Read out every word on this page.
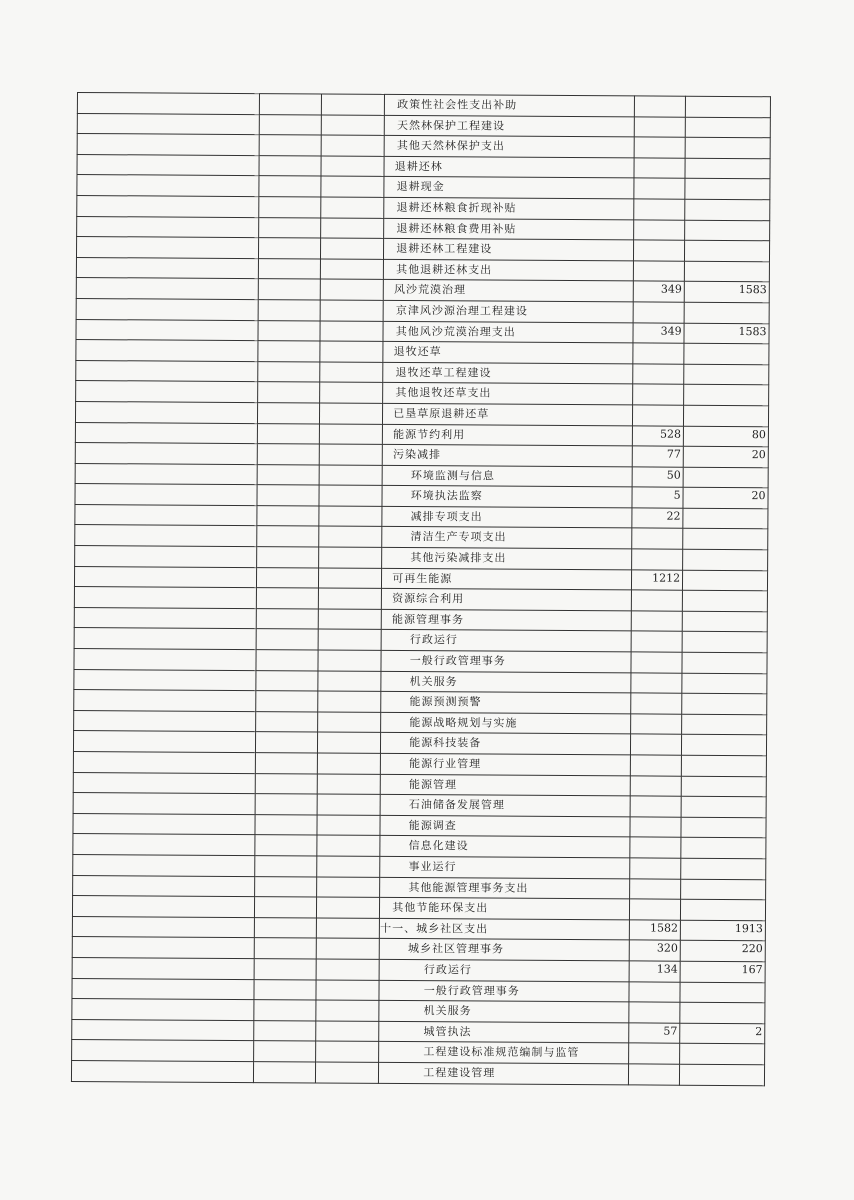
			政策性社会性支出补助		
			天然林保护工程建设		
			其他天然林保护支出		
			退耕还林		
			退耕现金		
			退耕还林粮食折现补贴		
			退耕还林粮食费用补贴		
			退耕还林工程建设		
			其他退耕还林支出		
			风沙荒漠治理	349	1583
			京津风沙源治理工程建设		
			其他风沙荒漠治理支出	349	1583
			退牧还草		
			退牧还草工程建设		
			其他退牧还草支出		
			已垦草原退耕还草		
			能源节约利用	528	80
			污染减排	77	20
			环境监测与信息	50	
			环境执法监察	5	20
			减排专项支出	22	
			清洁生产专项支出		
			其他污染减排支出		
			可再生能源	1212	
			资源综合利用		
			能源管理事务		
			行政运行		
			一般行政管理事务		
			机关服务		
			能源预测预警		
			能源战略规划与实施		
			能源科技装备		
			能源行业管理		
			能源管理		
			石油储备发展管理		
			能源调查		
			信息化建设		
			事业运行		
			其他能源管理事务支出		
			其他节能环保支出		
			十一、城乡社区支出	1582	1913
			城乡社区管理事务	320	220
			行政运行	134	167
			一般行政管理事务		
			机关服务		
			城管执法	57	2
			工程建设标准规范编制与监管		
			工程建设管理		
